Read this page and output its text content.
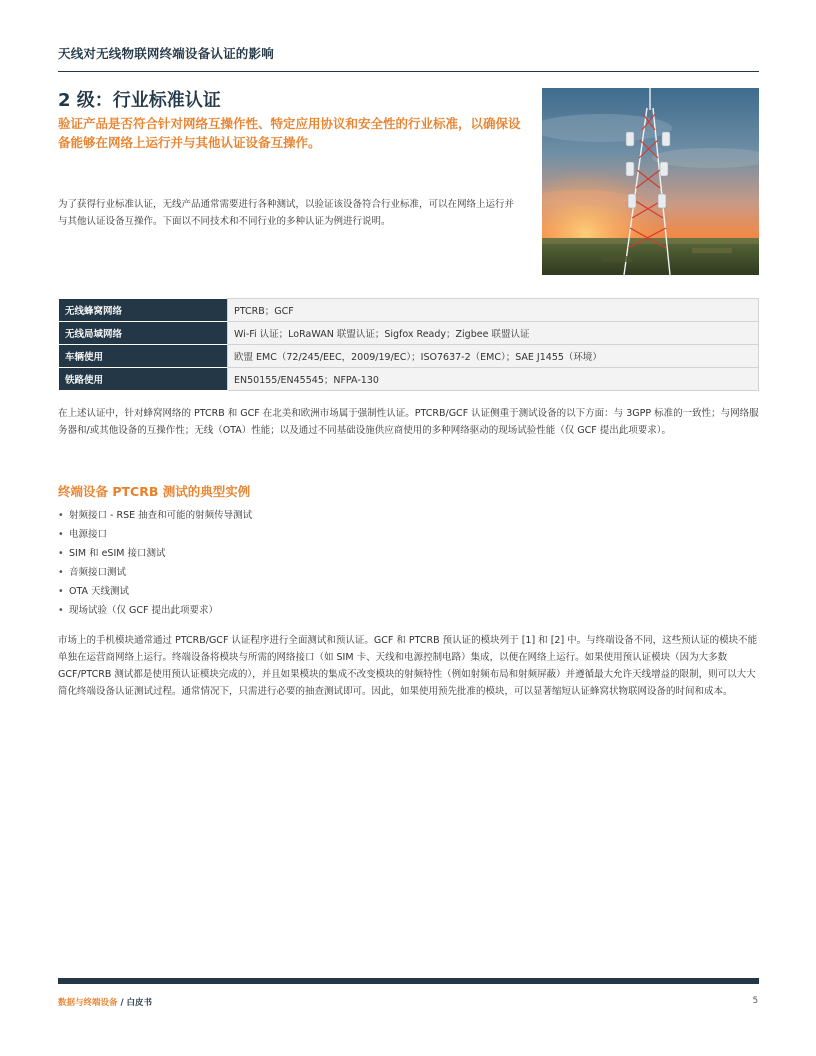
天线对无线物联网终端设备认证的影响
2 级：行业标准认证
验证产品是否符合针对网络互操作性、特定应用协议和安全性的行业标准，以确保设备能够在网络上运行并与其他认证设备互操作。
为了获得行业标准认证，无线产品通常需要进行各种测试，以验证该设备符合行业标准，可以在网络上运行并与其他认证设备互操作。下面以不同技术和不同行业的多种认证为例进行说明。
无线蜂窝网络	PTCRB；GCF
无线局域网络	Wi-Fi 认证；LoRaWAN 联盟认证；Sigfox Ready；Zigbee 联盟认证
车辆使用	欧盟 EMC（72/245/EEC，2009/19/EC）；ISO7637-2（EMC）；SAE J1455（环境）
铁路使用	EN50155/EN45545；NFPA-130
在上述认证中，针对蜂窝网络的 PTCRB 和 GCF 在北美和欧洲市场属于强制性认证。PTCRB/GCF 认证侧重于测试设备的以下方面：与 3GPP 标准的一致性；与网络服务器和/或其他设备的互操作性；无线（OTA）性能；以及通过不同基础设施供应商使用的多种网络驱动的现场试验性能（仅 GCF 提出此项要求）。
终端设备 PTCRB 测试的典型实例
• 射频接口 - RSE 抽查和可能的射频传导测试
• 电源接口
• SIM 和 eSIM 接口测试
• 音频接口测试
• OTA 天线测试
• 现场试验（仅 GCF 提出此项要求）
市场上的手机模块通常通过 PTCRB/GCF 认证程序进行全面测试和预认证。GCF 和 PTCRB 预认证的模块列于 [1] 和 [2] 中。与终端设备不同，这些预认证的模块不能单独在运营商网络上运行。终端设备将模块与所需的网络接口（如 SIM 卡、天线和电源控制电路）集成，以便在网络上运行。如果使用预认证模块（因为大多数 GCF/PTCRB 测试都是使用预认证模块完成的），并且如果模块的集成不改变模块的射频特性（例如射频布局和射频屏蔽）并遵循最大允许天线增益的限制，则可以大大简化终端设备认证测试过程。通常情况下，只需进行必要的抽查测试即可。因此，如果使用预先批准的模块，可以显著缩短认证蜂窝状物联网设备的时间和成本。
数据与终端设备 / 白皮书	5
